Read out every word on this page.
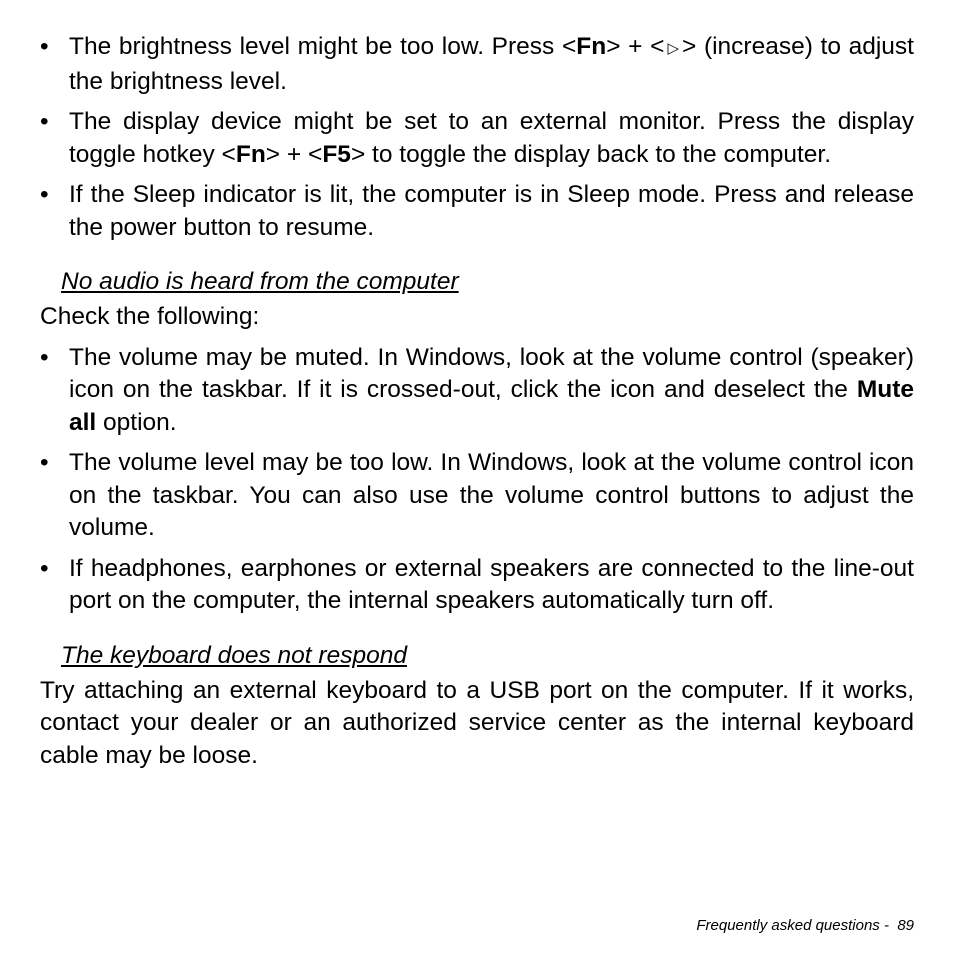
• The brightness level might be too low. Press <Fn> + < ▷ > (increase) to adjust the brightness level.
• The display device might be set to an external monitor. Press the display toggle hotkey <Fn> + <F5> to toggle the display back to the computer.
• If the Sleep indicator is lit, the computer is in Sleep mode. Press and release the power button to resume.
No audio is heard from the computer
Check the following:
• The volume may be muted. In Windows, look at the volume control (speaker) icon on the taskbar. If it is crossed-out, click the icon and deselect the Mute all option.
• The volume level may be too low. In Windows, look at the volume control icon on the taskbar. You can also use the volume control buttons to adjust the volume.
• If headphones, earphones or external speakers are connected to the line-out port on the computer, the internal speakers automatically turn off.
The keyboard does not respond
Try attaching an external keyboard to a USB port on the computer. If it works, contact your dealer or an authorized service center as the internal keyboard cable may be loose.
Frequently asked questions - 89
